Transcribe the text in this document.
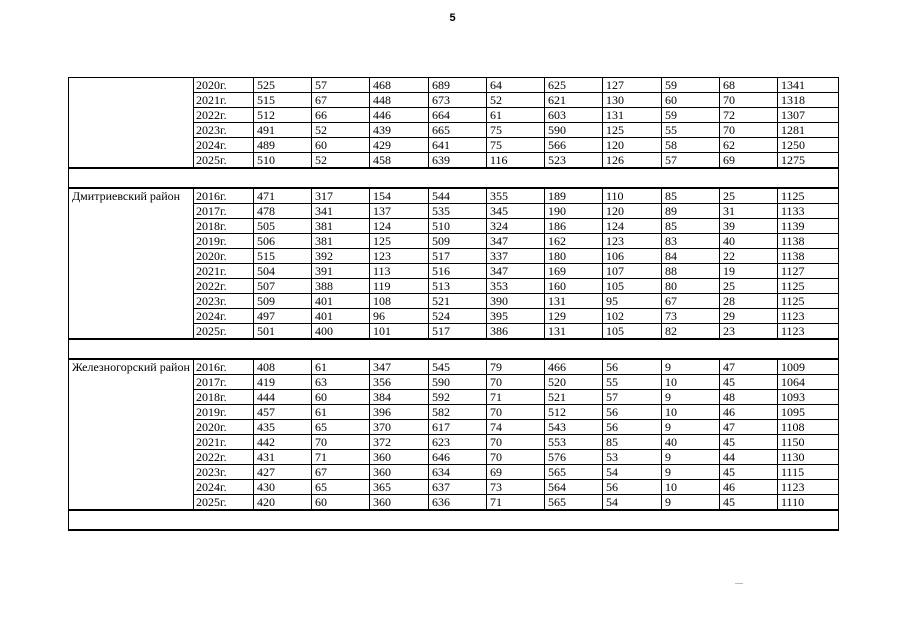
5
	2020г.	525	57	468	689	64	625	127	59	68	1341
	2021г.	515	67	448	673	52	621	130	60	70	1318
	2022г.	512	66	446	664	61	603	131	59	72	1307
	2023г.	491	52	439	665	75	590	125	55	70	1281
	2024г.	489	60	429	641	75	566	120	58	62	1250
	2025г.	510	52	458	639	116	523	126	57	69	1275

Дмитриевский район	2016г.	471	317	154	544	355	189	110	85	25	1125
	2017г.	478	341	137	535	345	190	120	89	31	1133
	2018г.	505	381	124	510	324	186	124	85	39	1139
	2019г.	506	381	125	509	347	162	123	83	40	1138
	2020г.	515	392	123	517	337	180	106	84	22	1138
	2021г.	504	391	113	516	347	169	107	88	19	1127
	2022г.	507	388	119	513	353	160	105	80	25	1125
	2023г.	509	401	108	521	390	131	95	67	28	1125
	2024г.	497	401	96	524	395	129	102	73	29	1123
	2025г.	501	400	101	517	386	131	105	82	23	1123

Железногорский район	2016г.	408	61	347	545	79	466	56	9	47	1009
	2017г.	419	63	356	590	70	520	55	10	45	1064
	2018г.	444	60	384	592	71	521	57	9	48	1093
	2019г.	457	61	396	582	70	512	56	10	46	1095
	2020г.	435	65	370	617	74	543	56	9	47	1108
	2021г.	442	70	372	623	70	553	85	40	45	1150
	2022г.	431	71	360	646	70	576	53	9	44	1130
	2023г.	427	67	360	634	69	565	54	9	45	1115
	2024г.	430	65	365	637	73	564	56	10	46	1123
	2025г.	420	60	360	636	71	565	54	9	45	1110
